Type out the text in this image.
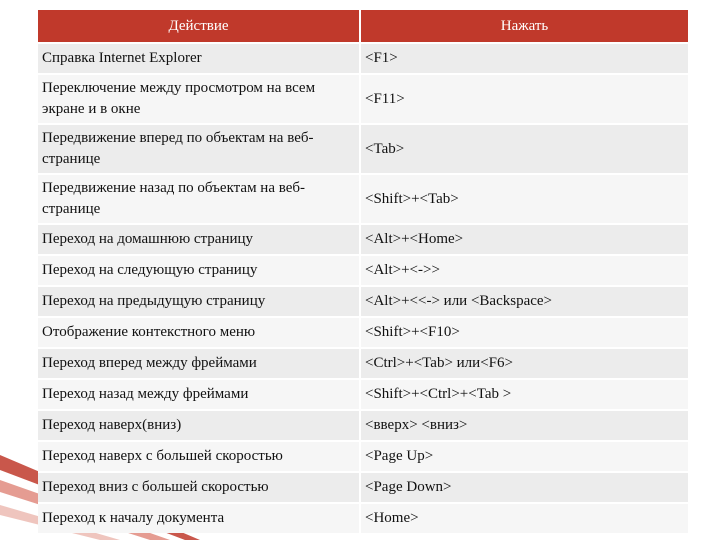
Действие	Нажать
Справка Internet Explorer	<F1>
Переключение между просмотром на всем экране и в окне	<F11>
Передвижение вперед по объектам на веб-странице	<Tab>
Передвижение назад по объектам на веб-странице	<Shift>+<Tab>
Переход на домашнюю страницу	<Alt>+<Home>
Переход на следующую страницу	<Alt>+<->>
Переход на предыдущую страницу	<Alt>+<<-> или <Backspace>
Отображение контекстного меню	<Shift>+<F10>
Переход вперед между фреймами	<Ctrl>+<Tab> или<F6>
Переход назад между фреймами	<Shift>+<Ctrl>+<Tab >
Переход наверх(вниз)	<вверх> <вниз>
Переход наверх с большей скоростью	<Page Up>
Переход вниз с большей скоростью	<Page Down>
Переход к началу документа	<Home>
